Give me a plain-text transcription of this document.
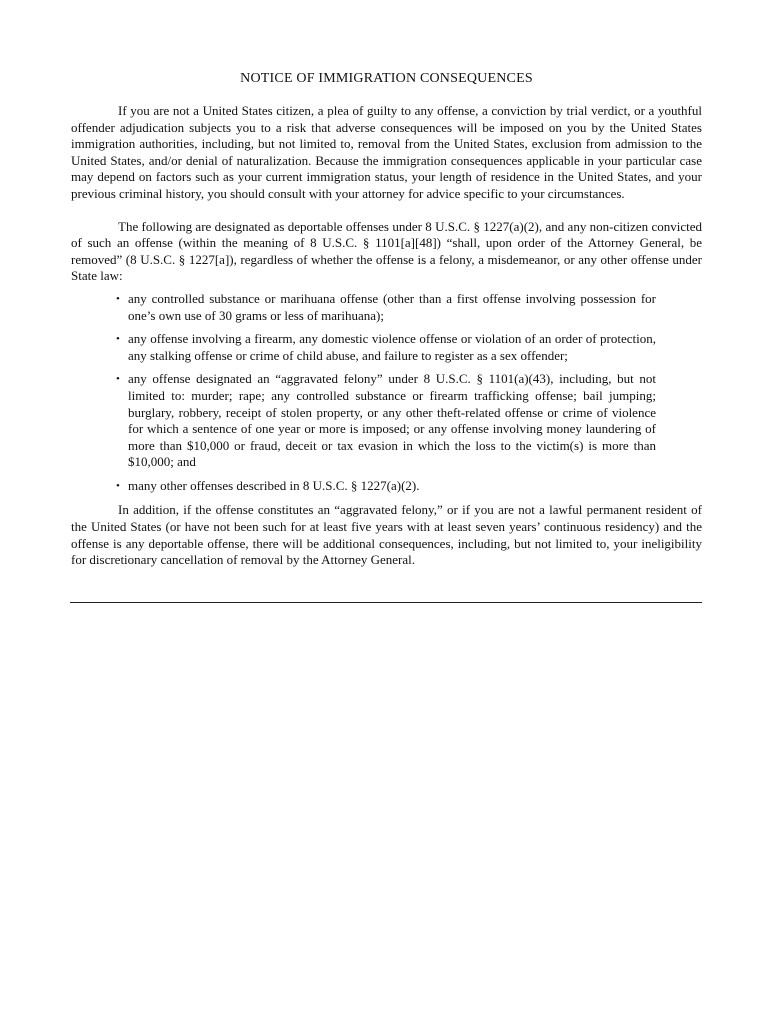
NOTICE OF IMMIGRATION CONSEQUENCES

If you are not a United States citizen, a plea of guilty to any offense, a conviction by trial verdict, or a youthful offender adjudication subjects you to a risk that adverse consequences will be imposed on you by the United States immigration authorities, including, but not limited to, removal from the United States, exclusion from admission to the United States, and/or denial of naturalization. Because the immigration consequences applicable in your particular case may depend on factors such as your current immigration status, your length of residence in the United States, and your previous criminal history, you should consult with your attorney for advice specific to your circumstances.

The following are designated as deportable offenses under 8 U.S.C. § 1227(a)(2), and any non-citizen convicted of such an offense (within the meaning of 8 U.S.C. § 1101[a][48]) “shall, upon order of the Attorney General, be removed” (8 U.S.C. § 1227[a]), regardless of whether the offense is a felony, a misdemeanor, or any other offense under State law:

• any controlled substance or marihuana offense (other than a first offense involving possession for one’s own use of 30 grams or less of marihuana);
• any offense involving a firearm, any domestic violence offense or violation of an order of protection, any stalking offense or crime of child abuse, and failure to register as a sex offender;
• any offense designated an “aggravated felony” under 8 U.S.C. § 1101(a)(43), including, but not limited to: murder; rape; any controlled substance or firearm trafficking offense; bail jumping; burglary, robbery, receipt of stolen property, or any other theft-related offense or crime of violence for which a sentence of one year or more is imposed; or any offense involving money laundering of more than $10,000 or fraud, deceit or tax evasion in which the loss to the victim(s) is more than $10,000; and
• many other offenses described in 8 U.S.C. § 1227(a)(2).

In addition, if the offense constitutes an “aggravated felony,” or if you are not a lawful permanent resident of the United States (or have not been such for at least five years with at least seven years’ continuous residency) and the offense is any deportable offense, there will be additional consequences, including, but not limited to, your ineligibility for discretionary cancellation of removal by the Attorney General.
